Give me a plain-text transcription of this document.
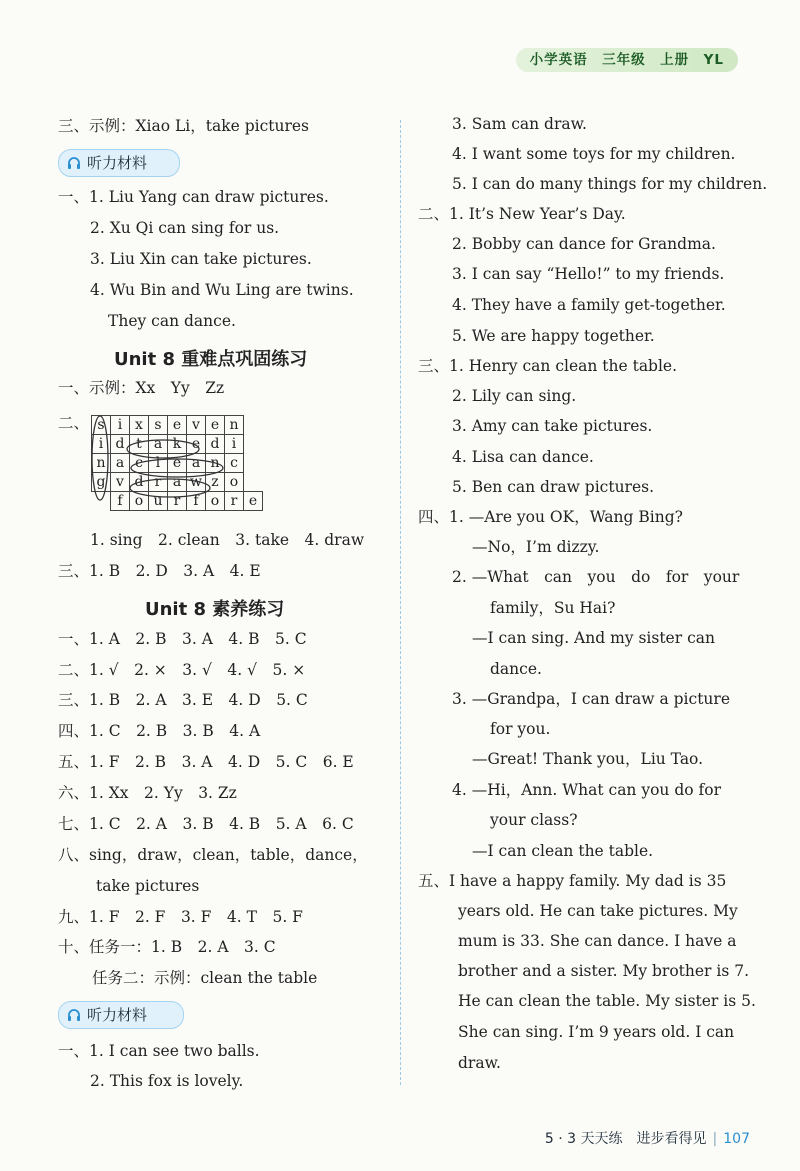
小学英语　三年级　上册　YL
三、示例：Xiao Li，take pictures
听力材料
一、1. Liu Yang can draw pictures.
2. Xu Qi can sing for us.
3. Liu Xin can take pictures.
4. Wu Bin and Wu Ling are twins.
They can dance.
Unit 8 重难点巩固练习
一、示例：Xx　Yy　Zz
二、 s	i	x	s	e	v	e	n	
i	d	t	a	k	e	d	i	
n	a	c	l	e	a	n	c	
g	v	d	r	a	w	z	o	
	f	o	u	r	f	o	r	e
1. sing　2. clean　3. take　4. draw
三、1. B　2. D　3. A　4. E
Unit 8 素养练习
一、1. A　2. B　3. A　4. B　5. C
二、1. √　2. ×　3. √　4. √　5. ×
三、1. B　2. A　3. E　4. D　5. C
四、1. C　2. B　3. B　4. A
五、1. F　2. B　3. A　4. D　5. C　6. E
六、1. Xx　2. Yy　3. Zz
七、1. C　2. A　3. B　4. B　5. A　6. C
八、sing，draw，clean，table，dance，
take pictures
九、1. F　2. F　3. F　4. T　5. F
十、任务一：1. B　2. A　3. C
任务二：示例：clean the table
听力材料
一、1. I can see two balls.
2. This fox is lovely.
3. Sam can draw.
4. I want some toys for my children.
5. I can do many things for my children.
二、1. It’s New Year’s Day.
2. Bobby can dance for Grandma.
3. I can say “Hello!” to my friends.
4. They have a family get-together.
5. We are happy together.
三、1. Henry can clean the table.
2. Lily can sing.
3. Amy can take pictures.
4. Lisa can dance.
5. Ben can draw pictures.
四、1. —Are you OK，Wang Bing?
—No，I’m dizzy.
2. —What　can　you　do　for　your
family，Su Hai?
—I can sing. And my sister can
dance.
3. —Grandpa，I can draw a picture
for you.
—Great! Thank you，Liu Tao.
4. —Hi，Ann. What can you do for
your class?
—I can clean the table.
五、I have a happy family. My dad is 35
years old. He can take pictures. My
mum is 33. She can dance. I have a
brother and a sister. My brother is 7.
He can clean the table. My sister is 5.
She can sing. I’m 9 years old. I can
draw.
5 · 3 天天练　进步看得见 | 107
